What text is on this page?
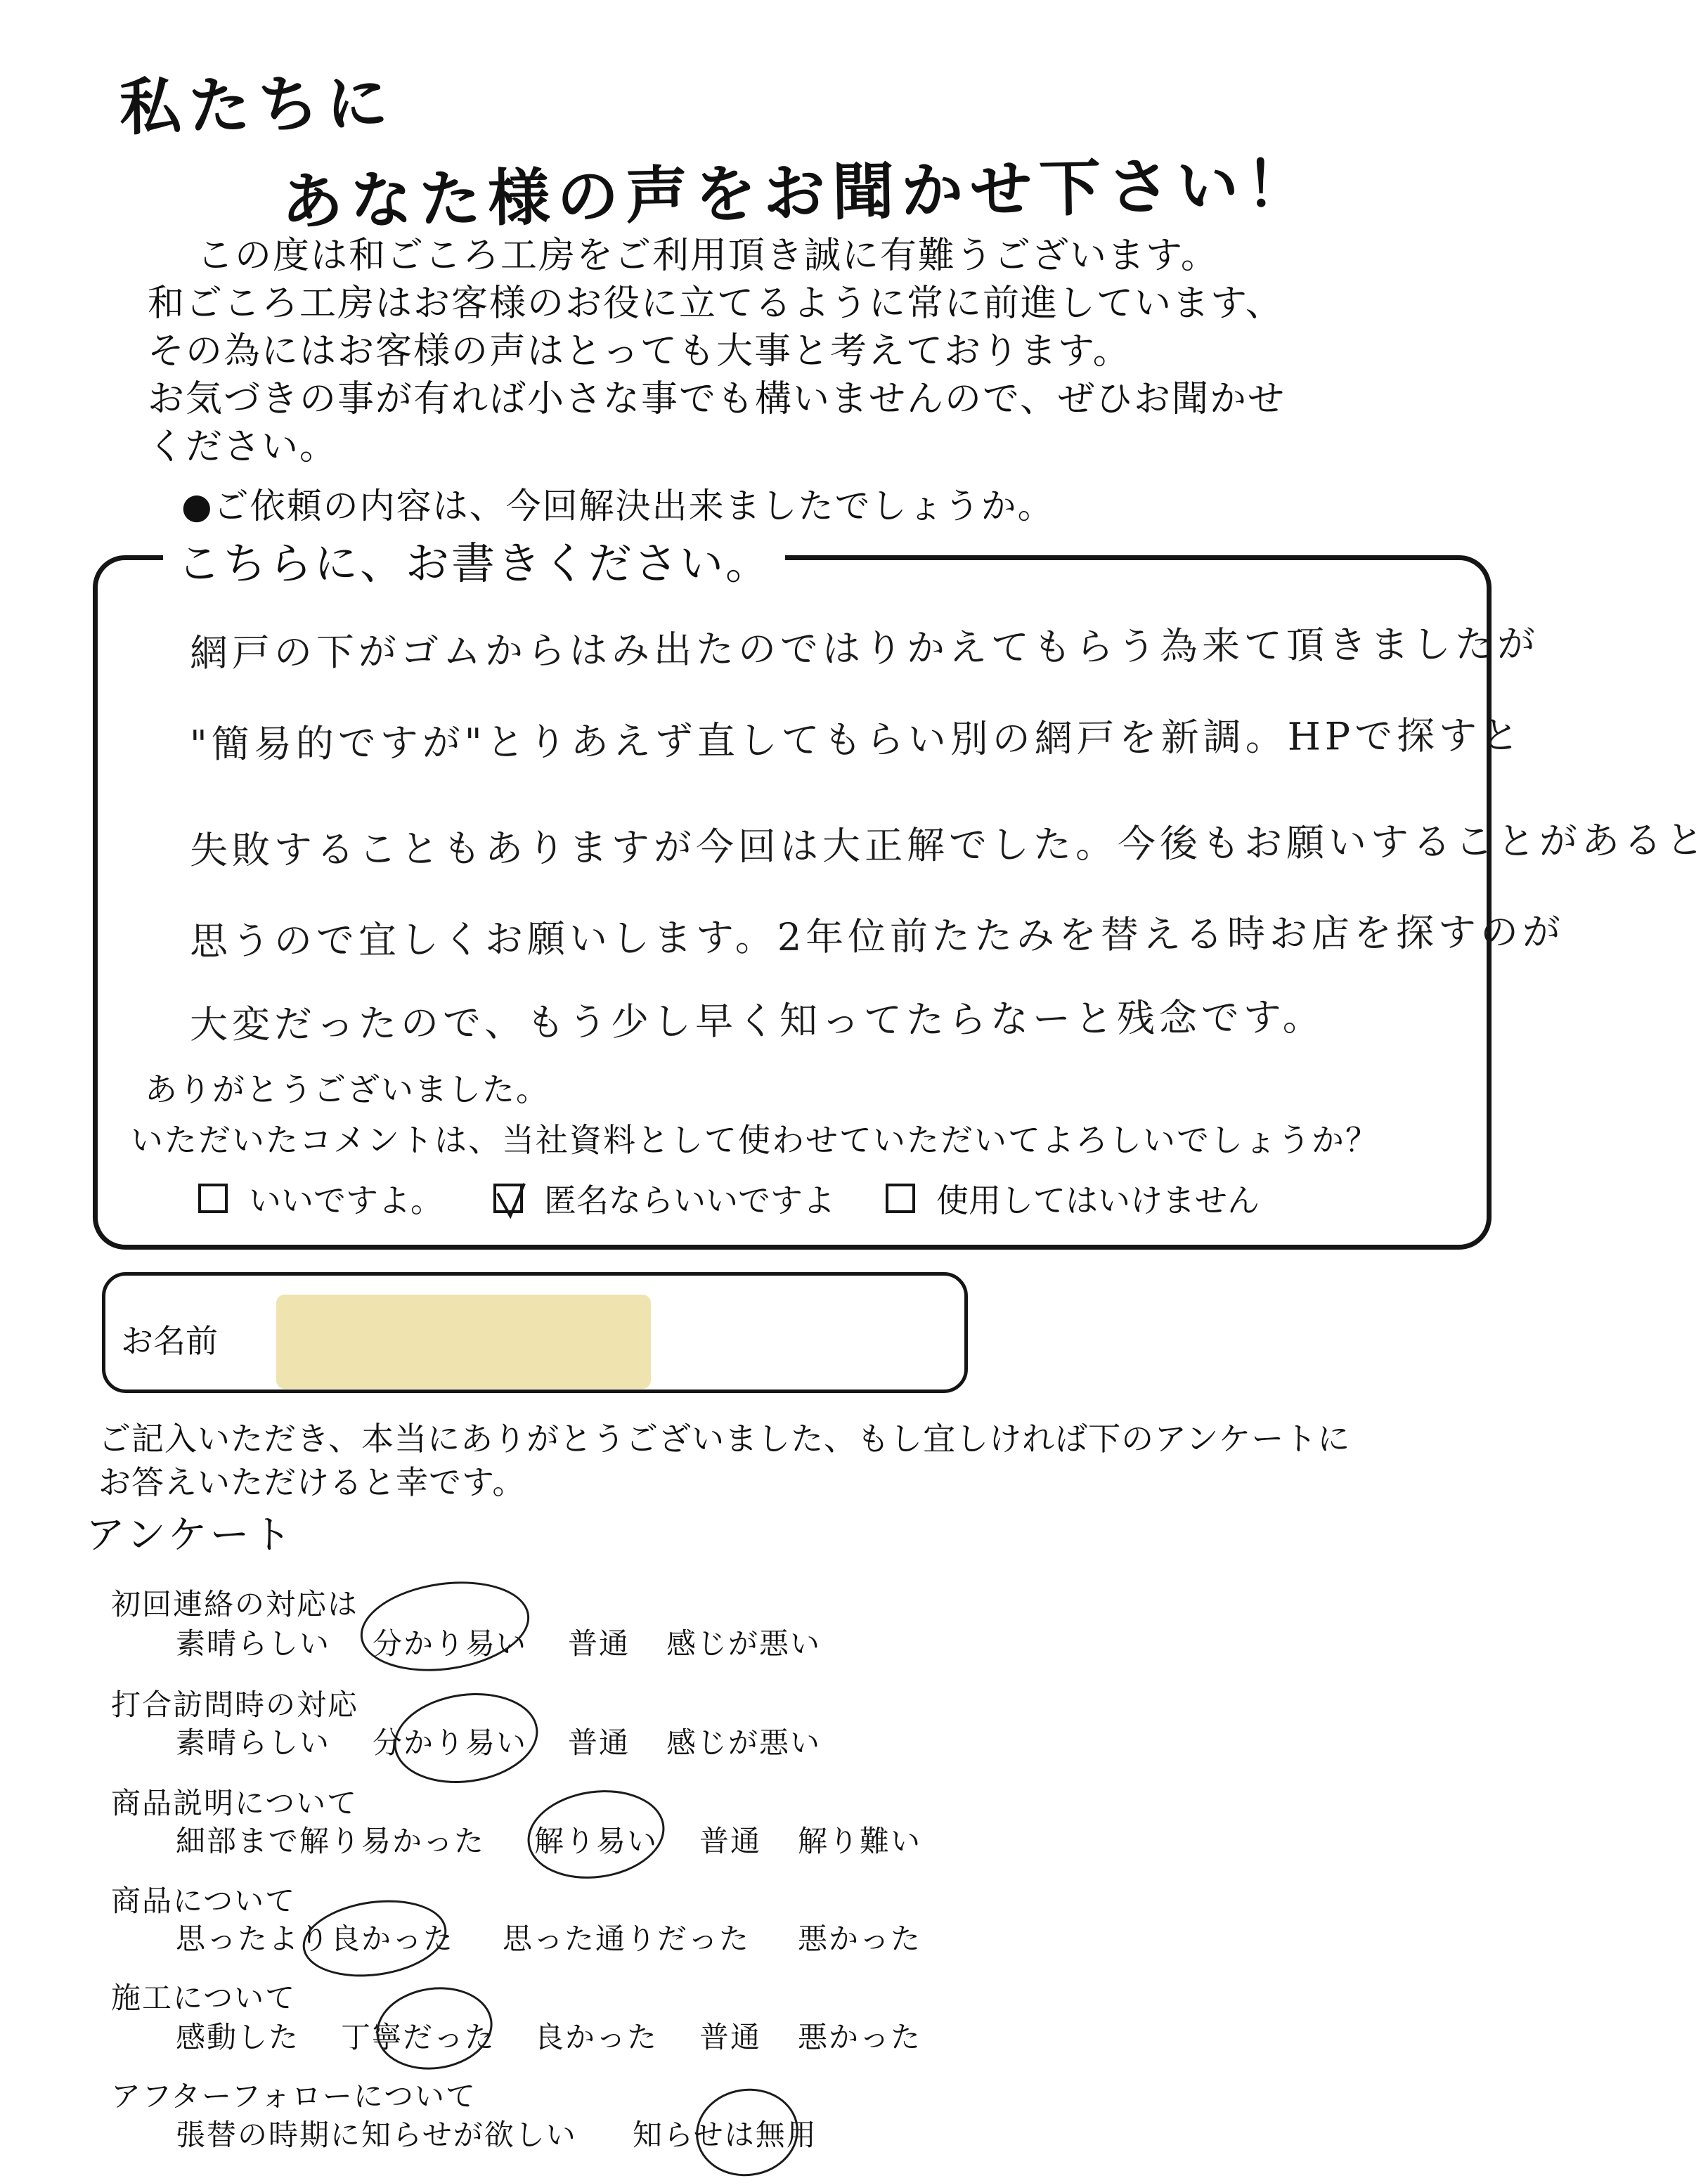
私たちに
あなた様の声をお聞かせ下さい！

この度は和ごころ工房をご利用頂き誠に有難うございます。

和ごころ工房はお客様のお役に立てるように常に前進しています、

その為にはお客様の声はとっても大事と考えております。

お気づきの事が有れば小さな事でも構いませんので、ぜひお聞かせ

ください。

●ご依頼の内容は、今回解決出来ましたでしょうか。
こちらに、お書きください。
網戸の下がゴムからはみ出たのではりかえてもらう為来て頂きましたが
"簡易的ですが"とりあえず直してもらい別の網戸を新調。HPで探すと
失敗することもありますが今回は大正解でした。今後もお願いすることがあると
思うので宜しくお願いします。2年位前たたみを替える時お店を探すのが
大変だったので、もう少し早く知ってたらなーと残念です。
ありがとうございました。
いただいたコメントは、当社資料として使わせていただいてよろしいでしょうか？
いいですよ。	匿名ならいいですよ	使用してはいけません
お名前

ご記入いただき、本当にありがとうございました、もし宜しければ下のアンケートに

お答えいただけると幸です。

アンケート
初回連絡の対応は
打合訪問時の対応
商品説明について
商品について
施工について
アフターフォローについて
素晴らしい 分かり易い 普通 感じが悪い
素晴らしい 分かり易い 普通 感じが悪い
細部まで解り易かった 解り易い 普通 解り難い
思ったより良かった 思った通りだった 悪かった
感動した 丁寧だった 良かった 普通 悪かった
張替の時期に知らせが欲しい 知らせは無用
